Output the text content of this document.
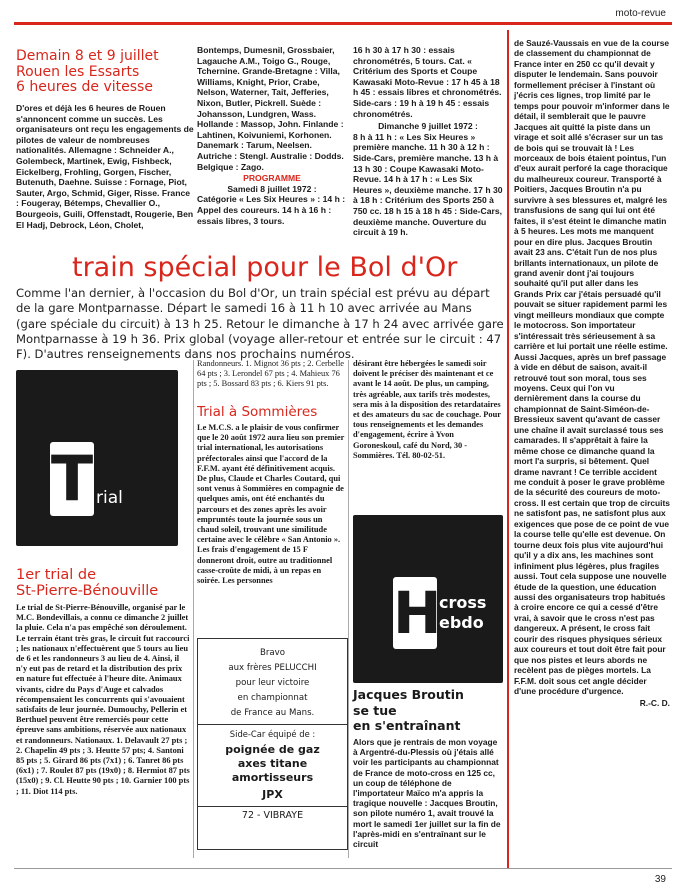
moto-revue
Demain 8 et 9 juillet
Rouen les Essarts
6 heures de vitesse
D'ores et déjà les 6 heures de Rouen s'annoncent comme un succès. Les organisateurs ont reçu les engagements de pilotes de valeur de nombreuses nationalités. Allemagne : Schneider A., Golembeck, Martinek, Ewig, Fishbeck, Eickelberg, Frohling, Gorgen, Fischer, Butenuth, Daehne. Suisse : Fornage, Piot, Sauter, Argo, Schmid, Giger, Risse. France : Fougeray, Bétemps, Chevallier O., Bourgeois, Guili, Offenstadt, Rougerie, Ben El Hadj, Debrock, Léon, Cholet,

Bontemps, Dumesnil, Grossbaier, Lagauche A.M., Toigo G., Rouge, Tchernine. Grande-Bretagne : Villa, Williams, Knight, Prior, Crabe, Nelson, Waterner, Tait, Jefferies, Nixon, Butler, Pickrell. Suède : Johansson, Lundgren, Wass. Hollande : Massop, John. Finlande : Lahtinen, Koivuniemi, Korhonen. Danemark : Tarum, Neelsen. Autriche : Stengl. Australie : Dodds. Belgique : Zago.

PROGRAMME

Samedi 8 juillet 1972 :

Catégorie « Les Six Heures » : 14 h : Appel des coureurs. 14 h à 16 h : essais libres, 3 tours.

16 h 30 à 17 h 30 : essais chronométrés, 5 tours. Cat. « Critérium des Sports et Coupe Kawasaki Moto-Revue : 17 h 45 à 18 h 45 : essais libres et chronométrés. Side-cars : 19 h à 19 h 45 : essais chronométrés.

Dimanche 9 juillet 1972 :

8 h à 11 h : « Les Six Heures » première manche. 11 h 30 à 12 h : Side-Cars, première manche. 13 h à 13 h 30 : Coupe Kawasaki Moto-Revue. 14 h à 17 h : « Les Six Heures », deuxième manche. 17 h 30 à 18 h : Critérium des Sports 250 à 750 cc. 18 h 15 à 18 h 45 : Side-Cars, deuxième manche. Ouverture du circuit à 19 h.

train spécial pour le Bol d'Or
Comme l'an dernier, à l'occasion du Bol d'Or, un train spécial est prévu au départ de la gare Montparnasse. Départ le samedi 16 à 11 h 10 avec arrivée au Mans (gare spéciale du circuit) à 13 h 25. Retour le dimanche à 17 h 24 avec arrivée gare Montparnasse à 19 h 36. Prix global (voyage aller-retour et entrée sur le circuit : 47 F). D'autres renseignements dans nos prochains numéros.
T rial
1er trial de
St-Pierre-Bénouville
Le trial de St-Pierre-Bénouville, organisé par le M.C. Bondevillais, a connu ce dimanche 2 juillet la pluie. Cela n'a pas empêché son déroulement. Le terrain étant très gras, le circuit fut raccourci ; les nationaux n'effectuèrent que 5 tours au lieu de 6 et les randonneurs 3 au lieu de 4. Ainsi, il n'y eut pas de retard et la distribution des prix en nature fut effectuée à l'heure dite. Animaux vivants, cidre du Pays d'Auge et calvados récompensaient les concurrents qui s'avouaient satisfaits de leur journée. Dumouchy, Pellerin et Berthuel peuvent être remerciés pour cette épreuve sans ambitions, réservée aux nationaux et randonneurs. Nationaux. 1. Delavault 27 pts ; 2. Chapelin 49 pts ; 3. Heutte 57 pts; 4. Santoni 85 pts ; 5. Girard 86 pts (7x1) ; 6. Tanret 86 pts (6x1) ; 7. Roulet 87 pts (19x0) ; 8. Hermiot 87 pts (15x0) ; 9. Cl. Heutte 90 pts ; 10. Garnier 100 pts ; 11. Diot 114 pts.
Randonneurs. 1. Mignot 36 pts ; 2. Cerbelle 64 pts ; 3. Lerondel 67 pts ; 4. Mahieux 76 pts ; 5. Bossard 83 pts ; 6. Kiers 91 pts.
Trial à Sommières
Le M.C.S. a le plaisir de vous confirmer que le 20 août 1972 aura lieu son premier trial international, les autorisations préfectorales ainsi que l'accord de la F.F.M. ayant été définitivement acquis. De plus, Claude et Charles Coutard, qui sont venus à Sommières en compagnie de quelques amis, ont été enchantés du parcours et des zones après les avoir empruntés toute la journée sous un chaud soleil, trouvant une similitude certaine avec le célèbre « San Antonio ». Les frais d'engagement de 15 F donneront droit, outre au traditionnel casse-croûte de midi, à un repas en soirée. Les personnes
Bravo
aux frères PELUCCHI
pour leur victoire
en championnat
de France au Mans.
Side-Car équipé de :
poignée de gaz
axes titane
amortisseurs
JPX
72 - VIBRAYE
désirant être hébergées le samedi soir doivent le préciser dès maintenant et ce avant le 14 août. De plus, un camping, très agréable, aux tarifs très modestes, sera mis à la disposition des retardataires et des amateurs du sac de couchage. Pour tous renseignements et les demandes d'engagement, écrire à Yvon Goroneskoul, café du Nord, 30 - Sommières. Tél. 80-02-51.
H
cross
ebdo
Jacques Broutin
se tue
en s'entraînant
Alors que je rentrais de mon voyage à Argentré-du-Plessis où j'étais allé voir les participants au championnat de France de moto-cross en 125 cc, un coup de téléphone de l'importateur Maïco m'a appris la tragique nouvelle : Jacques Broutin, son pilote numéro 1, avait trouvé la mort le samedi 1er juillet sur la fin de l'après-midi en s'entraînant sur le circuit

de Sauzé-Vaussais en vue de la course de classement du championnat de France inter en 250 cc qu'il devait y disputer le lendemain. Sans pouvoir formellement préciser à l'instant où j'écris ces lignes, trop limité par le temps pour pouvoir m'informer dans le détail, il semblerait que le pauvre Jacques ait quitté la piste dans un virage et soit allé s'écraser sur un tas de bois qui se trouvait là ! Les morceaux de bois étaient pointus, l'un d'eux aurait perforé la cage thoracique du malheureux coureur. Transporté à Poitiers, Jacques Broutin n'a pu survivre à ses blessures et, malgré les transfusions de sang qui lui ont été faites, il s'est éteint le dimanche matin à 5 heures. Les mots me manquent pour en dire plus. Jacques Broutin avait 23 ans. C'était l'un de nos plus brillants internationaux, un pilote de grand avenir dont j'ai toujours souhaité qu'il put aller dans les Grands Prix car j'étais persuadé qu'il pouvait se situer rapidement parmi les vingt meilleurs mondiaux que compte le motocross. Son importateur s'intéressait très sérieusement à sa carrière et lui portait une réelle estime. Aussi Jacques, après un bref passage à vide en début de saison, avait-il retrouvé tout son moral, tous ses moyens. Ceux qui l'on vu dernièrement dans la course du championnat de Saint-Siméon-de-Bressieux savent qu'avant de casser une chaîne il avait surclassé tous ses camarades. Il s'apprêtait à faire la même chose ce dimanche quand la mort l'a surpris, si bêtement. Quel drame navrant ! Ce terrible accident me conduit à poser le grave problème de la sécurité des coureurs de moto-cross. Il est certain que trop de circuits ne satisfont pas, ne satisfont plus aux exigences que pose de ce point de vue la course telle qu'elle est devenue. On tourne deux fois plus vite aujourd'hui qu'il y a dix ans, les machines sont infiniment plus légères, plus fragiles aussi. Tout cela suppose une nouvelle étude de la question, une éducation aussi des organisateurs trop habitués à croire encore ce qui a cessé d'être vrai, à savoir que le cross n'est pas dangereux. A présent, le cross fait courir des risques physiques sérieux aux coureurs et tout doit être fait pour que nos pistes et leurs abords ne recèlent pas de pièges mortels. La F.F.M. doit sous cet angle décider d'une procédure d'urgence.

R.-C. D.

39
